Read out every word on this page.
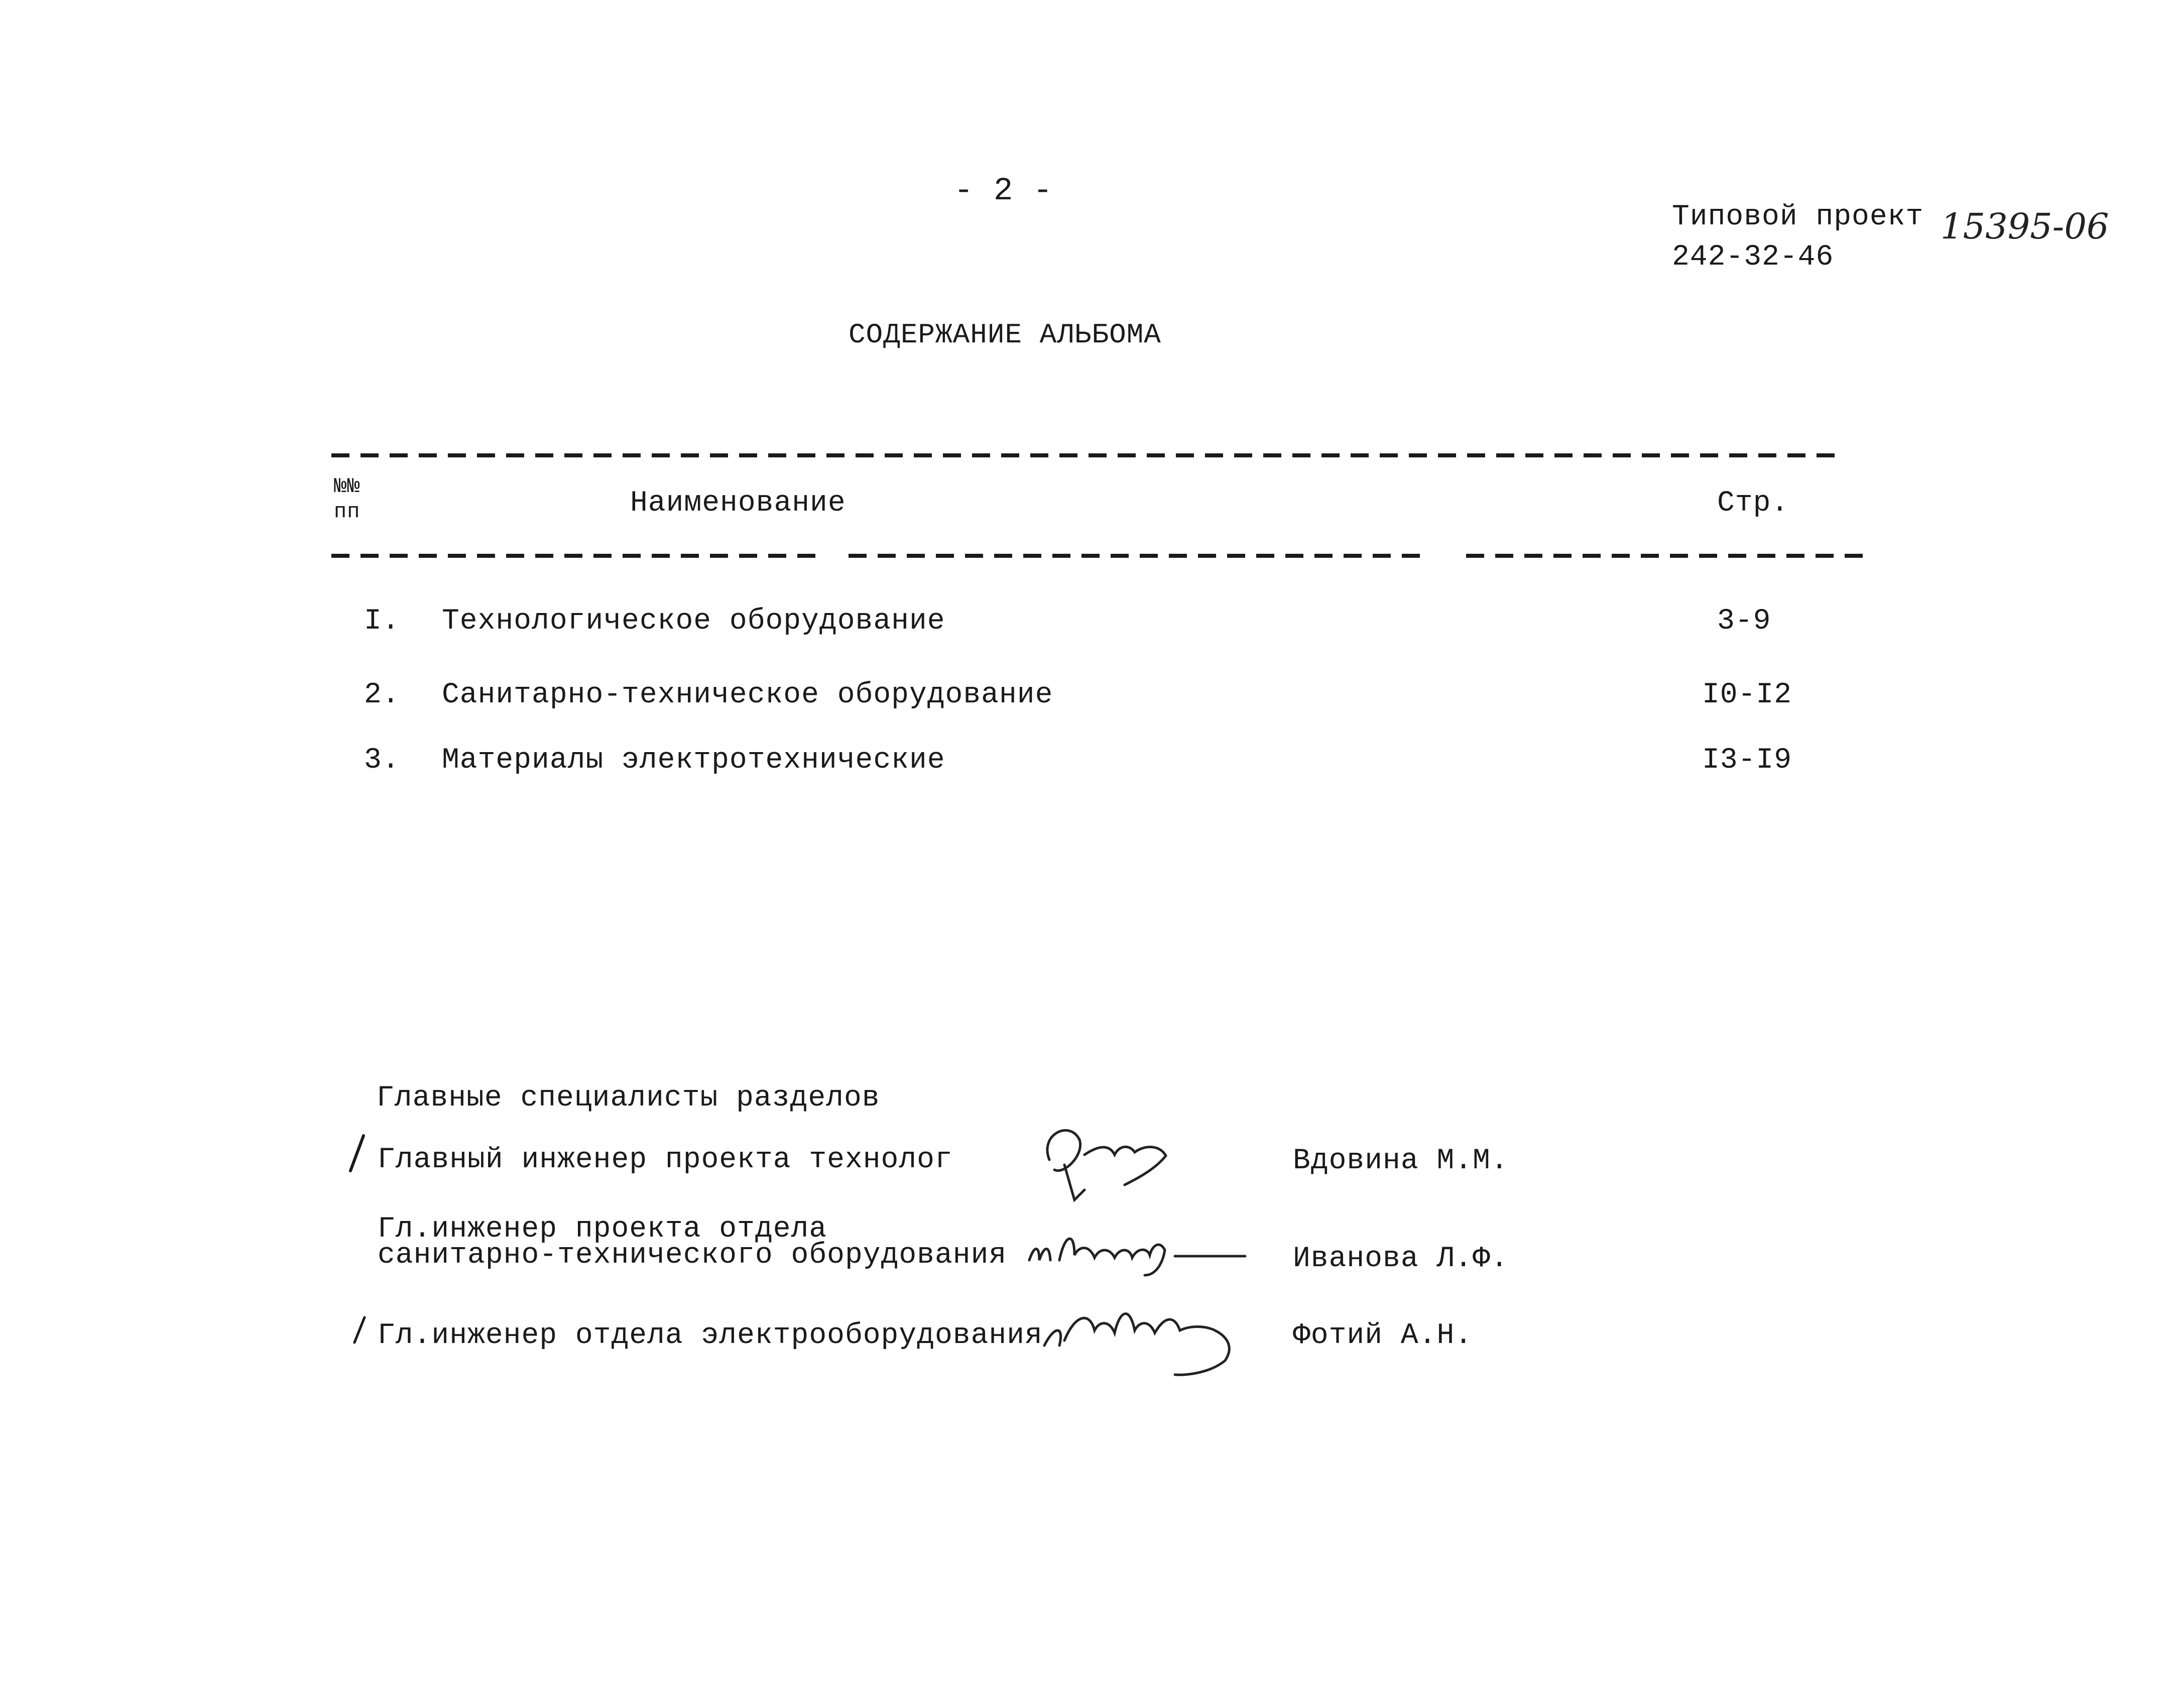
- 2 -
Типовой проект
242-32-46
15395-06
СОДЕРЖАНИЕ АЛЬБОМА
№№
пп	Наименование	Стр.
I. Технологическое оборудование	3-9
2. Санитарно-техническое оборудование	I0-I2
3. Материалы электротехнические	I3-I9
Главные специалисты разделов
Главный инженер проекта технолог	Вдовина М.М.
Гл.инженер проекта отдела
санитарно-технического оборудования	Иванова Л.Ф.
Гл.инженер отдела электрооборудования	Фотий А.Н.
